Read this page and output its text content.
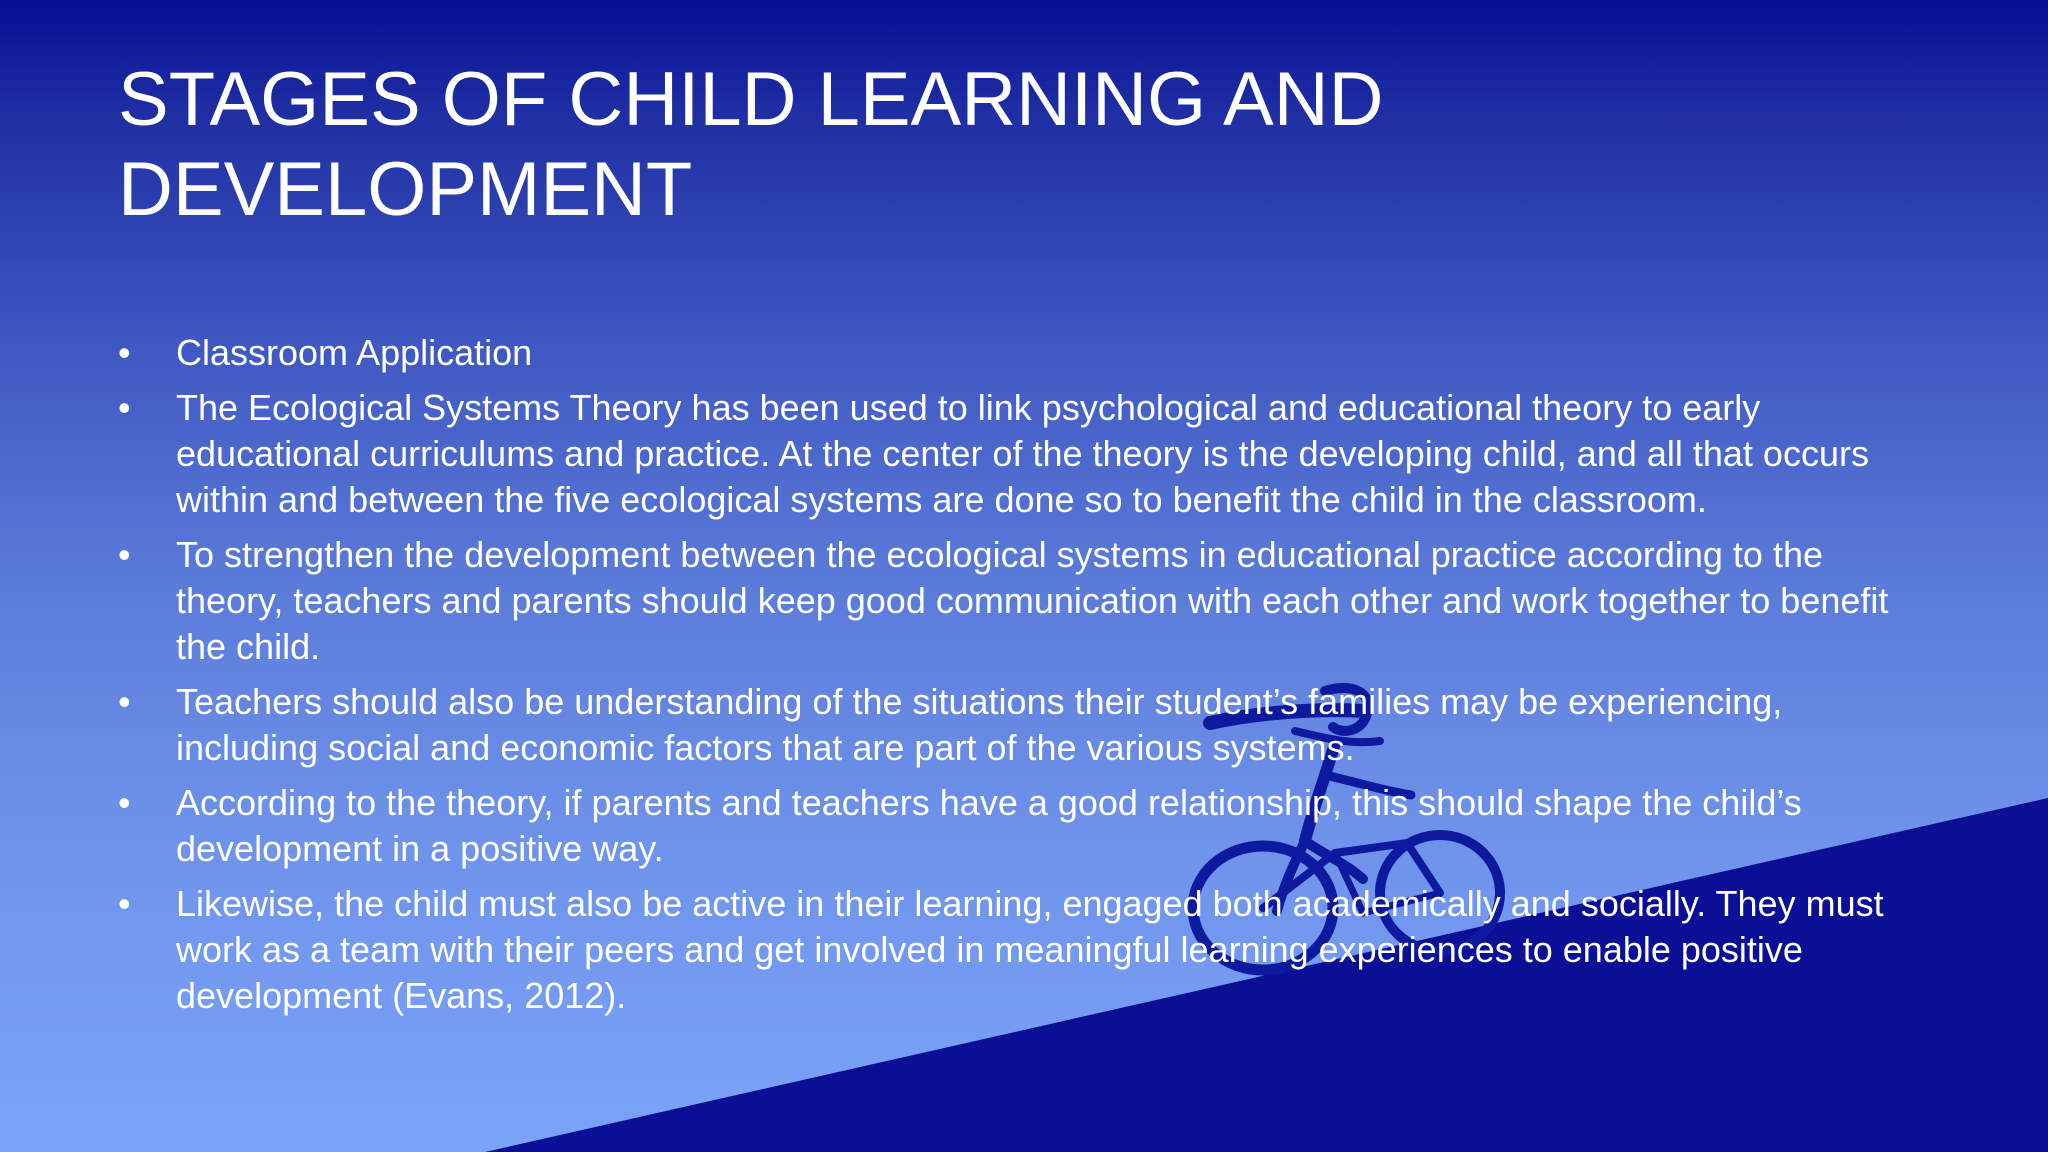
STAGES OF CHILD LEARNING AND DEVELOPMENT
•	Classroom Application
•	The Ecological Systems Theory has been used to link psychological and educational theory to early educational curriculums and practice. At the center of the theory is the developing child, and all that occurs within and between the five ecological systems are done so to benefit the child in the classroom.
•	To strengthen the development between the ecological systems in educational practice according to the theory, teachers and parents should keep good communication with each other and work together to benefit the child.
•	Teachers should also be understanding of the situations their student’s families may be experiencing, including social and economic factors that are part of the various systems.
•	According to the theory, if parents and teachers have a good relationship, this should shape the child’s development in a positive way.
•	Likewise, the child must also be active in their learning, engaged both academically and socially. They must work as a team with their peers and get involved in meaningful learning experiences to enable positive development (Evans, 2012).
